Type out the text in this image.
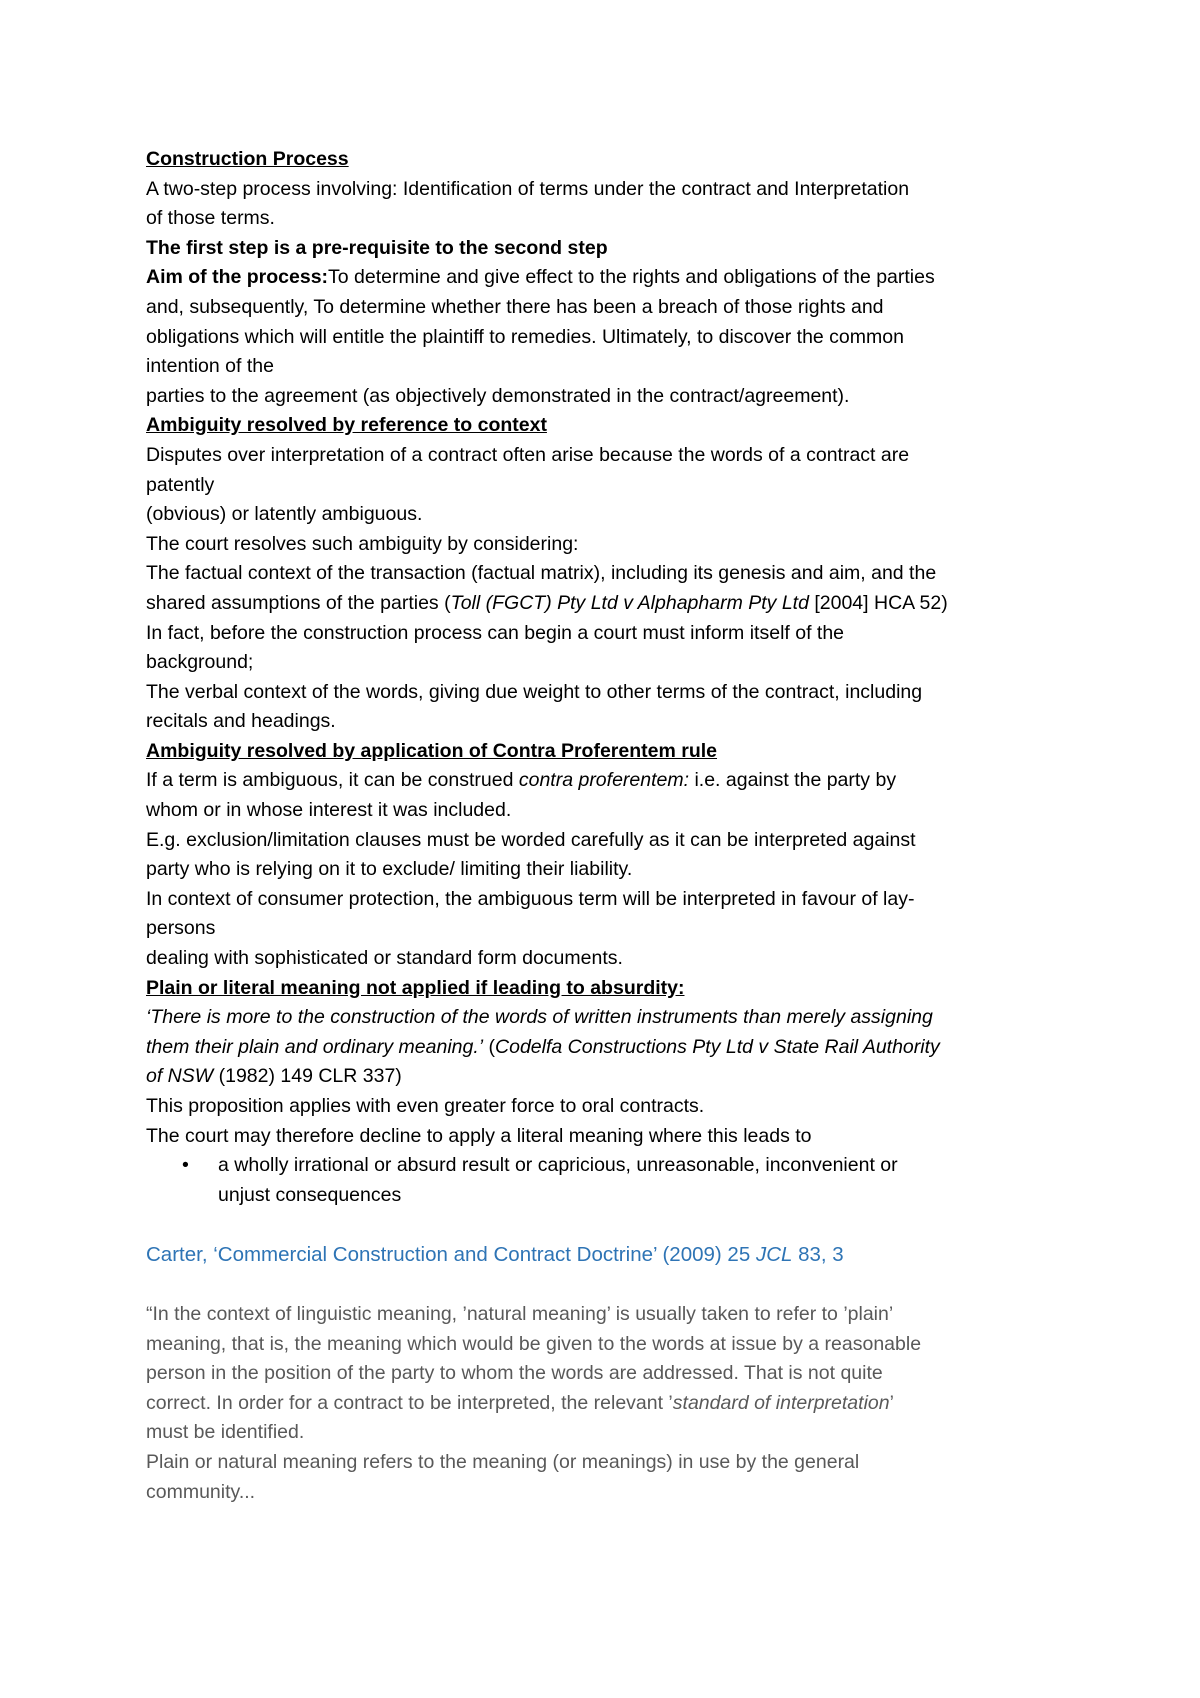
Construction Process
A two-step process involving: Identification of terms under the contract and Interpretation
of those terms.
The first step is a pre-requisite to the second step
Aim of the process:To determine and give effect to the rights and obligations of the parties
and, subsequently, To determine whether there has been a breach of those rights and
obligations which will entitle the plaintiff to remedies. Ultimately, to discover the common
intention of the
parties to the agreement (as objectively demonstrated in the contract/agreement).
Ambiguity resolved by reference to context
Disputes over interpretation of a contract often arise because the words of a contract are
patently
(obvious) or latently ambiguous.
The court resolves such ambiguity by considering:
The factual context of the transaction (factual matrix), including its genesis and aim, and the
shared assumptions of the parties (Toll (FGCT) Pty Ltd v Alphapharm Pty Ltd [2004] HCA 52)
In fact, before the construction process can begin a court must inform itself of the
background;
The verbal context of the words, giving due weight to other terms of the contract, including
recitals and headings.
Ambiguity resolved by application of Contra Proferentem rule
If a term is ambiguous, it can be construed contra proferentem: i.e. against the party by
whom or in whose interest it was included.
E.g. exclusion/limitation clauses must be worded carefully as it can be interpreted against
party who is relying on it to exclude/ limiting their liability.
In context of consumer protection, the ambiguous term will be interpreted in favour of lay-
persons
dealing with sophisticated or standard form documents.
Plain or literal meaning not applied if leading to absurdity:
‘There is more to the construction of the words of written instruments than merely assigning
them their plain and ordinary meaning.’ (Codelfa Constructions Pty Ltd v State Rail Authority
of NSW (1982) 149 CLR 337)
This proposition applies with even greater force to oral contracts.
The court may therefore decline to apply a literal meaning where this leads to
• a wholly irrational or absurd result or capricious, unreasonable, inconvenient or
unjust consequences
Carter, ‘Commercial Construction and Contract Doctrine’ (2009) 25 JCL 83, 3
“In the context of linguistic meaning, ’natural meaning’ is usually taken to refer to ’plain’
meaning, that is, the meaning which would be given to the words at issue by a reasonable
person in the position of the party to whom the words are addressed. That is not quite
correct. In order for a contract to be interpreted, the relevant ’standard of interpretation’
must be identified.
Plain or natural meaning refers to the meaning (or meanings) in use by the general
community...
